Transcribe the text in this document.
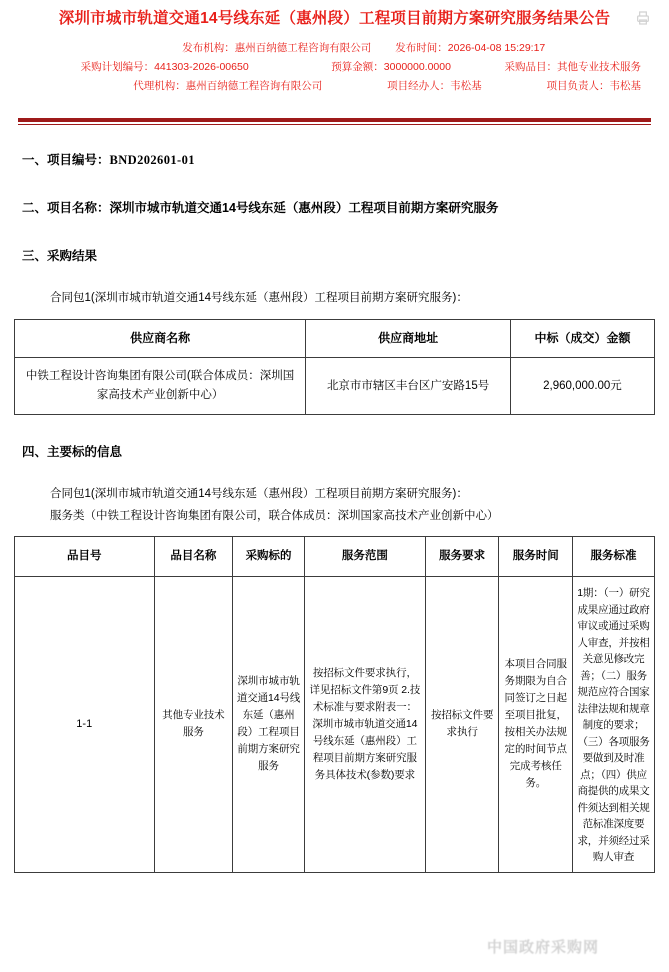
深圳市城市轨道交通14号线东延（惠州段）工程项目前期方案研究服务结果公告
发布机构：惠州百纳德工程咨询有限公司	发布时间：2026-04-08 15:29:17
采购计划编号：441303-2026-00650	预算金额：3000000.0000	采购品目：其他专业技术服务
代理机构：惠州百纳德工程咨询有限公司	项目经办人：韦松基	项目负责人：韦松基
一、项目编号：BND202601-01
二、项目名称：深圳市城市轨道交通14号线东延（惠州段）工程项目前期方案研究服务
三、采购结果
合同包1(深圳市城市轨道交通14号线东延（惠州段）工程项目前期方案研究服务)：
供应商名称	供应商地址	中标（成交）金额
中铁工程设计咨询集团有限公司(联合体成员：深圳国家高技术产业创新中心）	北京市市辖区丰台区广安路15号	2,960,000.00元
四、主要标的信息
合同包1(深圳市城市轨道交通14号线东延（惠州段）工程项目前期方案研究服务)：
服务类（中铁工程设计咨询集团有限公司，联合体成员：深圳国家高技术产业创新中心）
品目号	品目名称	采购标的	服务范围	服务要求	服务时间	服务标准
1-1	其他专业技术服务	深圳市城市轨道交通14号线东延（惠州段）工程项目前期方案研究服务	按招标文件要求执行，详见招标文件第9页 2.技术标准与要求附表一：深圳市城市轨道交通14号线东延（惠州段）工程项目前期方案研究服务具体技术(参数)要求	按招标文件要求执行	本项目合同服务期限为自合同签订之日起至项目批复，按相关办法规定的时间节点完成考核任务。	1期：（一）研究成果应通过政府审议或通过采购人审查，并按相关意见修改完善；（二）服务规范应符合国家法律法规和规章制度的要求；（三）各项服务要做到及时准点；（四）供应商提供的成果文件须达到相关规范标准深度要求，并须经过采购人审查
中国政府采购网
